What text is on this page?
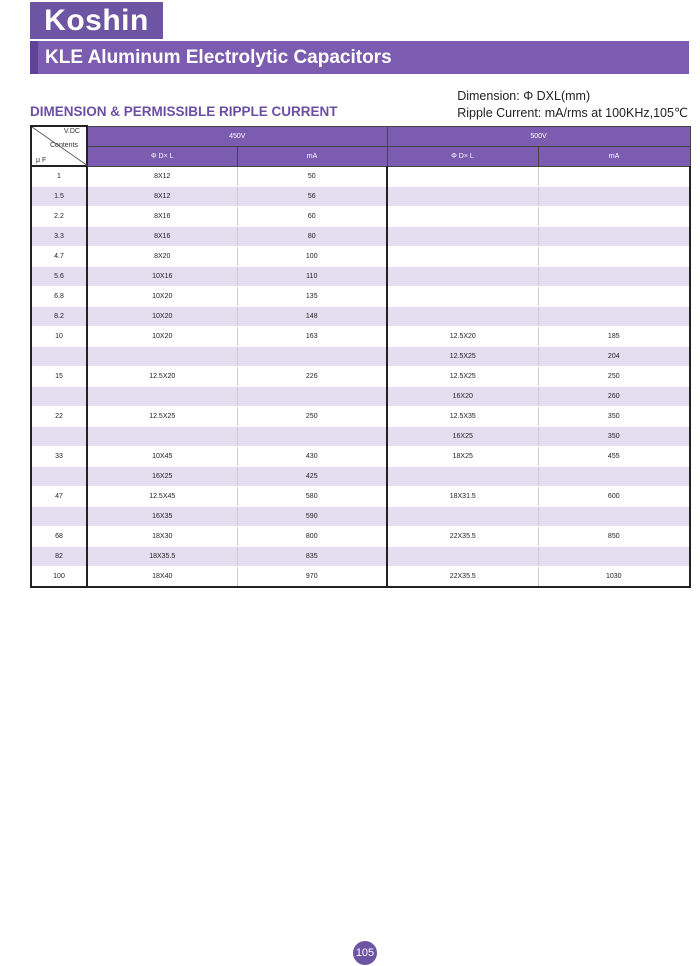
Koshin
KLE Aluminum Electrolytic Capacitors
DIMENSION & PERMISSIBLE RIPPLE CURRENT
Dimension: Φ DXL(mm)
Ripple Current: mA/rms at 100KHz,105℃
V.DC
Contents
μ F	450V		500V	
	Φ D× L	mA	Φ D× L	mA
1	8X12	50		
1.5	8X12	56		
2.2	8X16	60		
3.3	8X16	80		
4.7	8X20	100		
5.6	10X16	110		
6.8	10X20	135		
8.2	10X20	148		
10	10X20	163	12.5X20	185
			12.5X25	204
15	12.5X20	226	12.5X25	250
			16X20	260
22	12.5X25	250	12.5X35	350
			16X25	350
33	10X45	430	18X25	455
	16X25	425		
47	12.5X45	580	18X31.5	600
	16X35	590		
68	18X30	800	22X35.5	850
82	18X35.5	835		
100	18X40	970	22X35.5	1030
105
